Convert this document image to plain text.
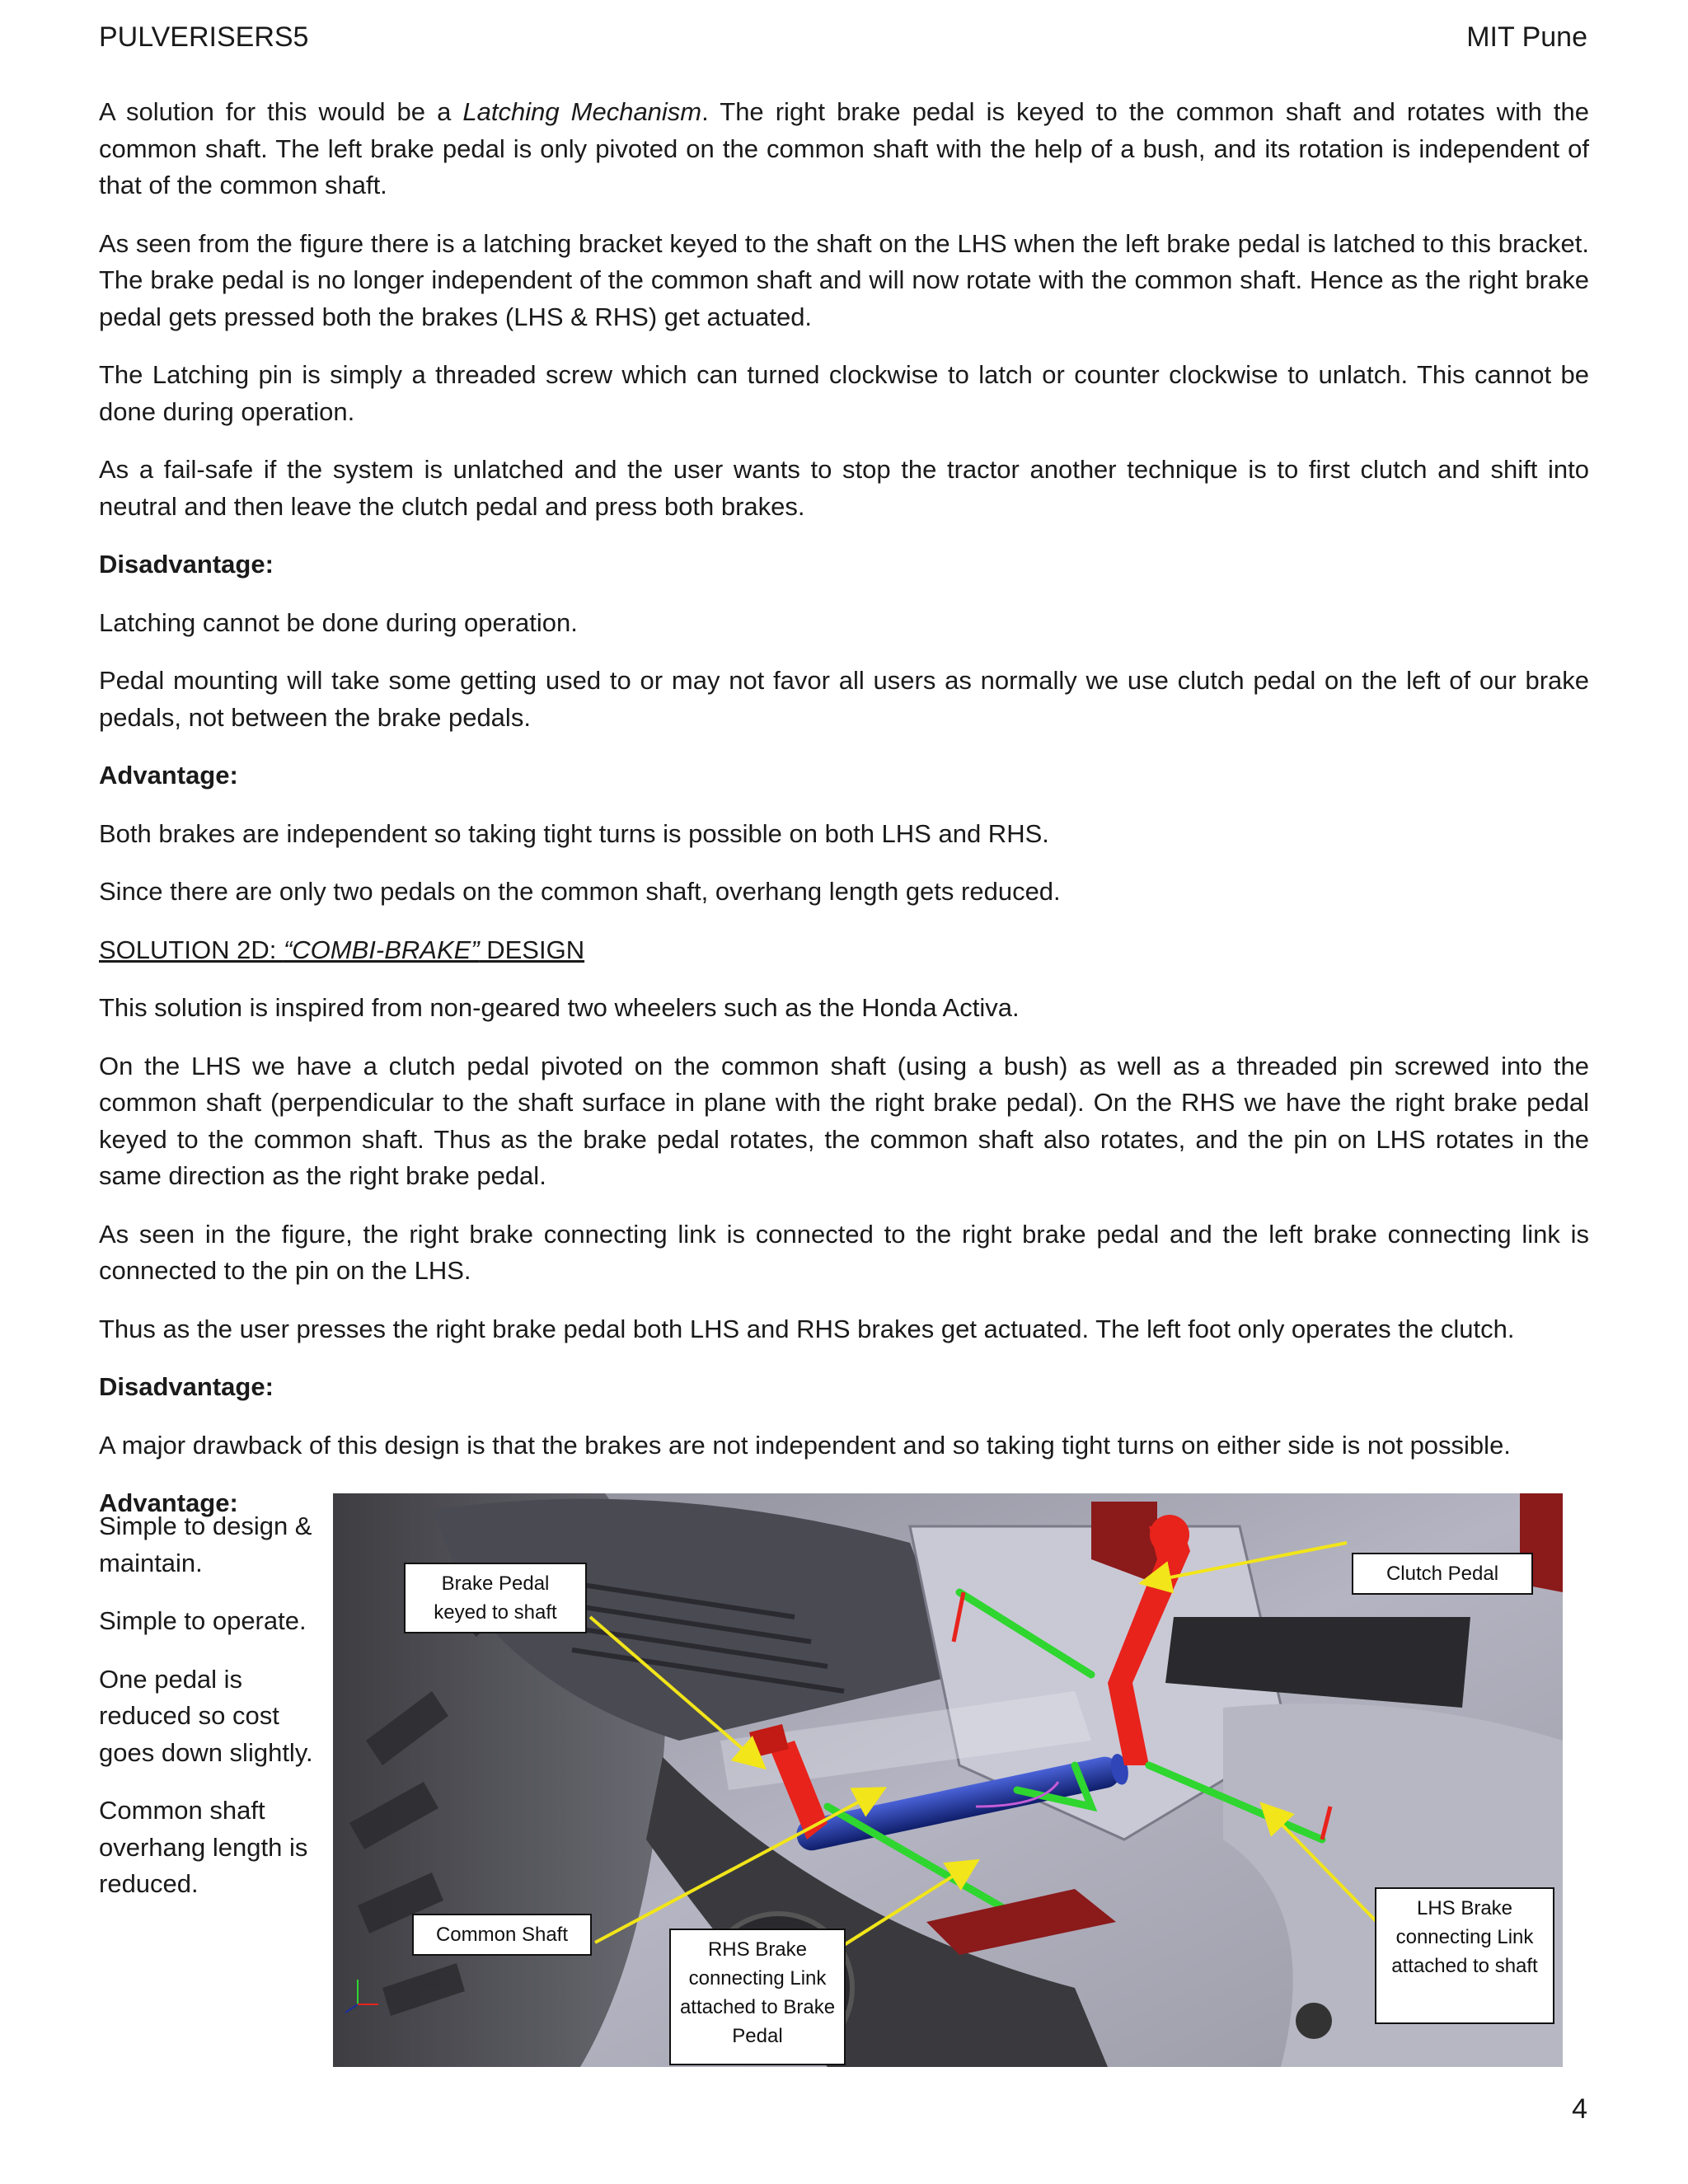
PULVERISERS5	MIT Pune

A solution for this would be a Latching Mechanism. The right brake pedal is keyed to the common shaft and rotates with the common shaft. The left brake pedal is only pivoted on the common shaft with the help of a bush, and its rotation is independent of that of the common shaft.

As seen from the figure there is a latching bracket keyed to the shaft on the LHS when the left brake pedal is latched to this bracket. The brake pedal is no longer independent of the common shaft and will now rotate with the common shaft. Hence as the right brake pedal gets pressed both the brakes (LHS & RHS) get actuated.

The Latching pin is simply a threaded screw which can turned clockwise to latch or counter clockwise to unlatch. This cannot be done during operation.

As a fail-safe if the system is unlatched and the user wants to stop the tractor another technique is to first clutch and shift into neutral and then leave the clutch pedal and press both brakes.

Disadvantage:

Latching cannot be done during operation.

Pedal mounting will take some getting used to or may not favor all users as normally we use clutch pedal on the left of our brake pedals, not between the brake pedals.

Advantage:

Both brakes are independent so taking tight turns is possible on both LHS and RHS.

Since there are only two pedals on the common shaft, overhang length gets reduced.

SOLUTION 2D: “COMBI-BRAKE” DESIGN

This solution is inspired from non-geared two wheelers such as the Honda Activa.

On the LHS we have a clutch pedal pivoted on the common shaft (using a bush) as well as a threaded pin screwed into the common shaft (perpendicular to the shaft surface in plane with the right brake pedal). On the RHS we have the right brake pedal keyed to the common shaft. Thus as the brake pedal rotates, the common shaft also rotates, and the pin on LHS rotates in the same direction as the right brake pedal.

As seen in the figure, the right brake connecting link is connected to the right brake pedal and the left brake connecting link is connected to the pin on the LHS.

Thus as the user presses the right brake pedal both LHS and RHS brakes get actuated. The left foot only operates the clutch.

Disadvantage:

A major drawback of this design is that the brakes are not independent and so taking tight turns on either side is not possible.

Advantage:

Simple to design & maintain.

Simple to operate.

One pedal is reduced so cost goes down slightly.

Common shaft overhang length is reduced.

Brake Pedal keyed to shaft
Clutch Pedal
Common Shaft
RHS Brake connecting Link attached to Brake Pedal
LHS Brake connecting Link attached to shaft
4
